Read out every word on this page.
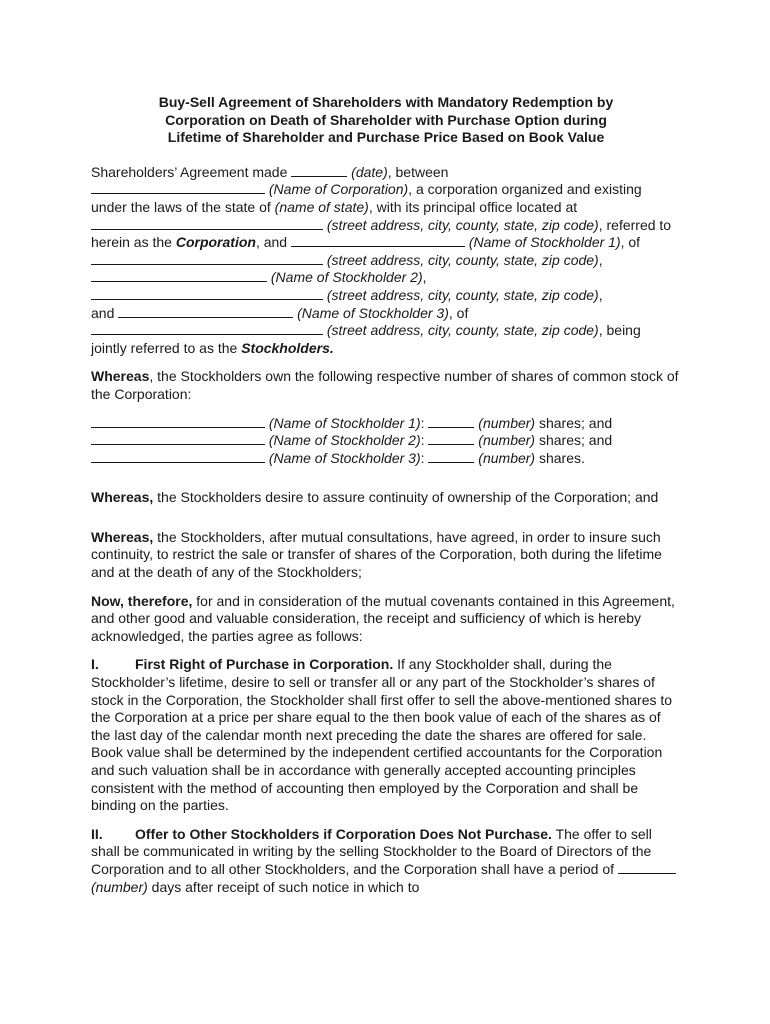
Buy-Sell Agreement of Shareholders with Mandatory Redemption by
Corporation on Death of Shareholder with Purchase Option during
Lifetime of Shareholder and Purchase Price Based on Book Value

Shareholders’ Agreement made	(date), between
(Name of Corporation), a corporation organized and existing under the laws of the state of (name of state), with its principal office located at
(street address, city, county, state, zip code), referred to herein as the Corporation, and	(Name of Stockholder 1), of  (street address, city, county, state, zip code),  (Name of Stockholder 2),
(street address, city, county, state, zip code),
and	(Name of Stockholder 3), of
(street address, city, county, state, zip code), being
jointly referred to as the Stockholders.

Whereas, the Stockholders own the following respective number of shares of common stock of the Corporation:

(Name of Stockholder 1):	(number) shares; and

(Name of Stockholder 2):	(number) shares; and

(Name of Stockholder 3):	(number) shares.

Whereas, the Stockholders desire to assure continuity of ownership of the Corporation; and

Whereas, the Stockholders, after mutual consultations, have agreed, in order to insure such continuity, to restrict the sale or transfer of shares of the Corporation, both during the lifetime and at the death of any of the Stockholders;

Now, therefore, for and in consideration of the mutual covenants contained in this Agreement, and other good and valuable consideration, the receipt and sufficiency of which is hereby acknowledged, the parties agree as follows:

I.	First Right of Purchase in Corporation. If any Stockholder shall, during the Stockholder’s lifetime, desire to sell or transfer all or any part of the Stockholder’s shares of stock in the Corporation, the Stockholder shall first offer to sell the above-mentioned shares to the Corporation at a price per share equal to the then book value of each of the shares as of the last day of the calendar month next preceding the date the shares are offered for sale. Book value shall be determined by the independent certified accountants for the Corporation and such valuation shall be in accordance with generally accepted accounting principles consistent with the method of accounting then employed by the Corporation and shall be binding on the parties.

II. Offer to Other Stockholders if Corporation Does Not Purchase. The offer to sell shall be communicated in writing by the selling Stockholder to the Board of Directors of the Corporation and to all other Stockholders, and the Corporation shall have a period of  (number) days after receipt of such notice in which to
